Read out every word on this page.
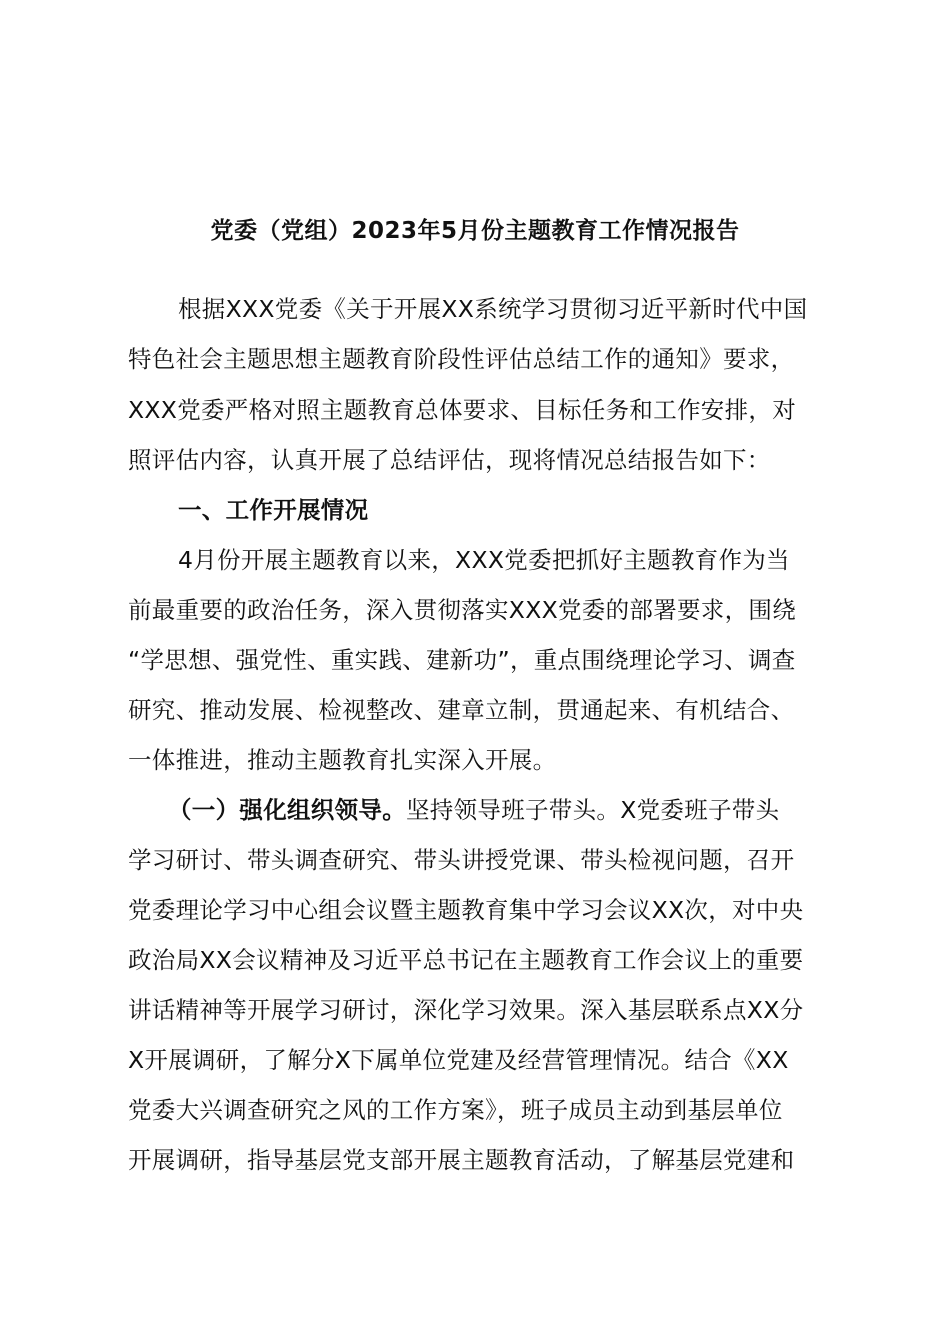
党委（党组）2023年5月份主题教育工作情况报告
根据XXX党委《关于开展XX系统学习贯彻习近平新时代中国
特色社会主题思想主题教育阶段性评估总结工作的通知》要求，
XXX党委严格对照主题教育总体要求、目标任务和工作安排，对
照评估内容，认真开展了总结评估，现将情况总结报告如下：
一、工作开展情况
4月份开展主题教育以来，XXX党委把抓好主题教育作为当
前最重要的政治任务，深入贯彻落实XXX党委的部署要求，围绕
“学思想、强党性、重实践、建新功”，重点围绕理论学习、调查
研究、推动发展、检视整改、建章立制，贯通起来、有机结合、
一体推进，推动主题教育扎实深入开展。
（一）强化组织领导。坚持领导班子带头。X党委班子带头
学习研讨、带头调查研究、带头讲授党课、带头检视问题，召开
党委理论学习中心组会议暨主题教育集中学习会议XX次，对中央
政治局XX会议精神及习近平总书记在主题教育工作会议上的重要
讲话精神等开展学习研讨，深化学习效果。深入基层联系点XX分
X开展调研，了解分X下属单位党建及经营管理情况。结合《XX
党委大兴调查研究之风的工作方案》，班子成员主动到基层单位
开展调研，指导基层党支部开展主题教育活动，了解基层党建和
